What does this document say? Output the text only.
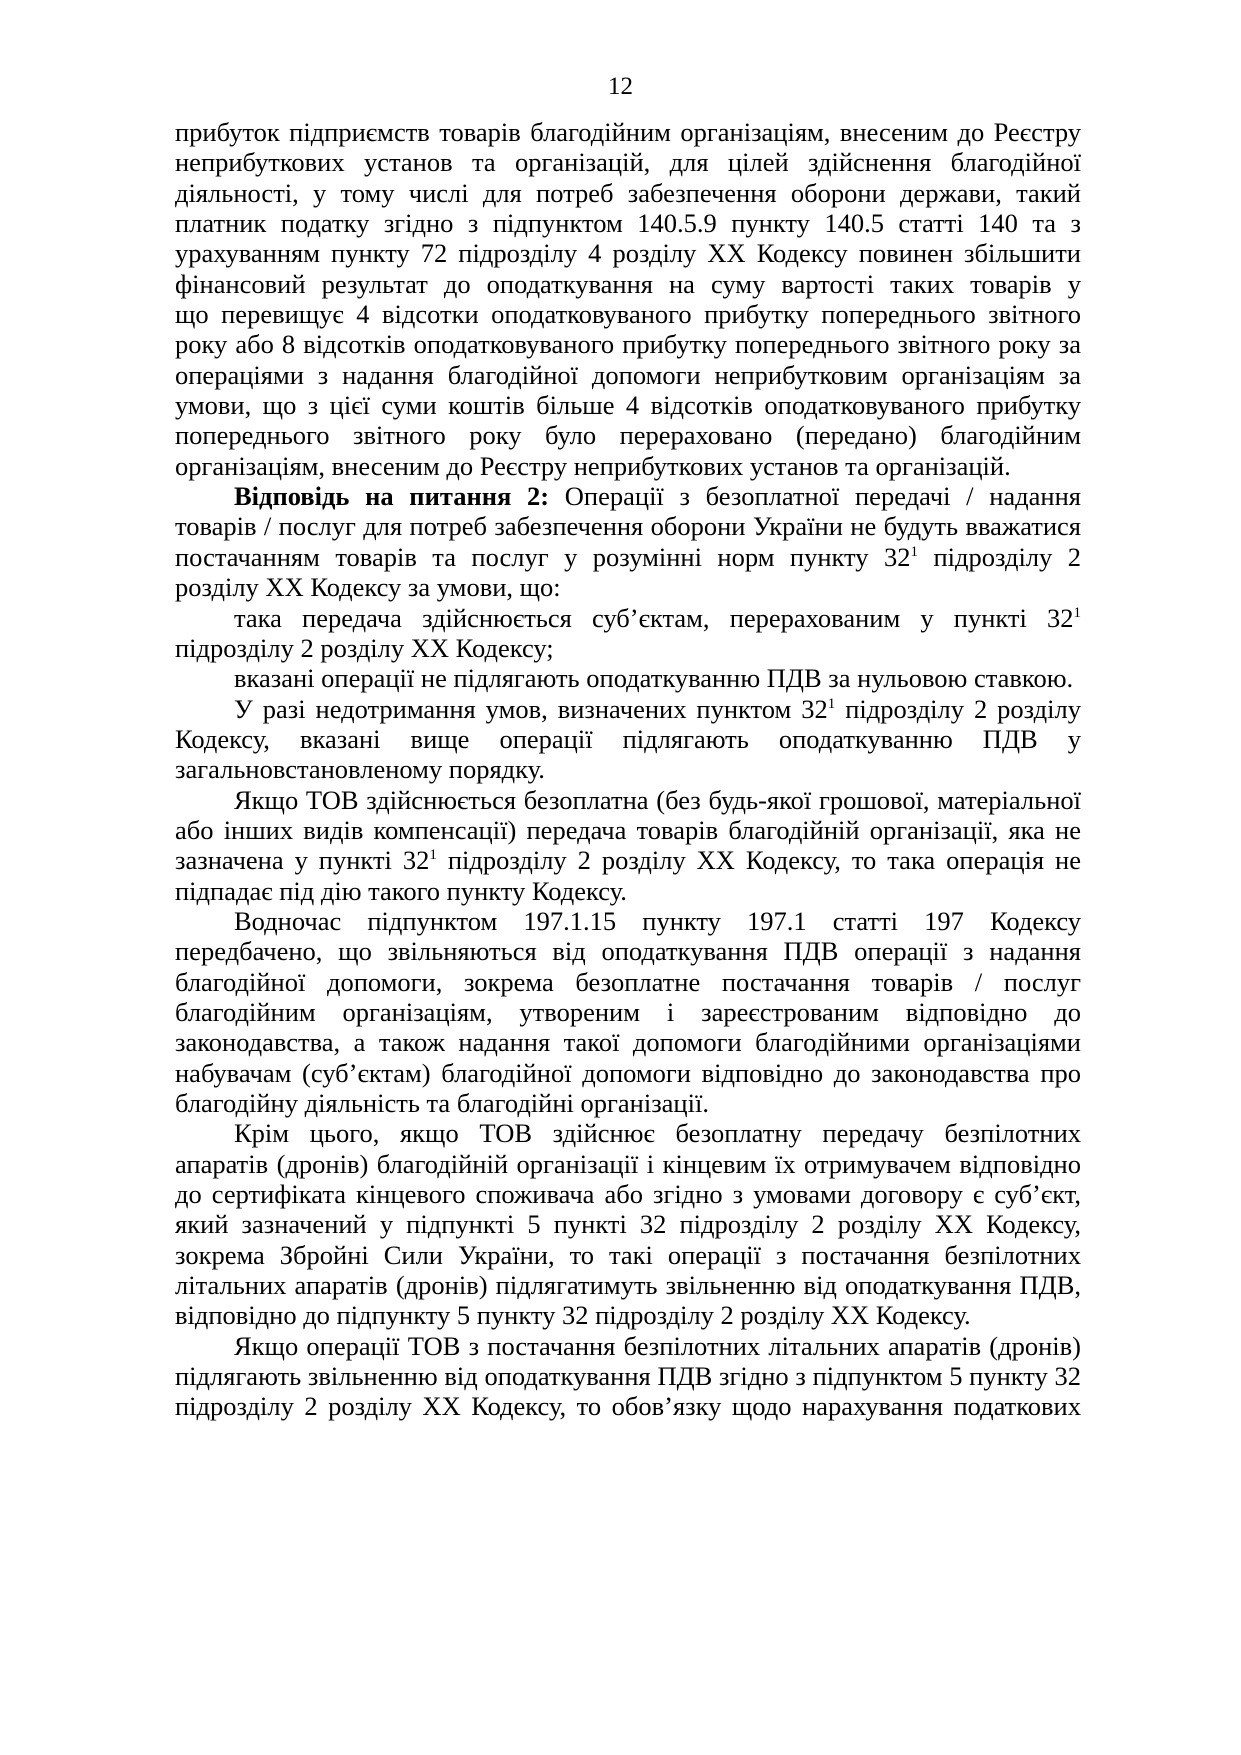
12
прибуток підприємств товарів благодійним організаціям, внесеним до Реєстру
неприбуткових установ та організацій, для цілей здійснення благодійної
діяльності, у тому числі для потреб забезпечення оборони держави, такий
платник податку згідно з підпунктом 140.5.9 пункту 140.5 статті 140 та з
урахуванням пункту 72 підрозділу 4 розділу XX Кодексу повинен збільшити
фінансовий результат до оподаткування на суму вартості таких товарів у
що перевищує 4 відсотки оподатковуваного прибутку попереднього звітного
року або 8 відсотків оподатковуваного прибутку попереднього звітного року за
операціями з надання благодійної допомоги неприбутковим організаціям за
умови, що з цієї суми коштів більше 4 відсотків оподатковуваного прибутку
попереднього звітного року було перераховано (передано) благодійним
організаціям, внесеним до Реєстру неприбуткових установ та організацій.
Відповідь на питання 2: Операції з безоплатної передачі / надання
товарів / послуг для потреб забезпечення оборони України не будуть вважатися
постачанням товарів та послуг у розумінні норм пункту $32^1$ підрозділу 2
розділу XX Кодексу за умови, що:
така передача здійснюється суб’єктам, перерахованим у пункті $32^1$
підрозділу 2 розділу XX Кодексу;
вказані операції не підлягають оподаткуванню ПДВ за нульовою ставкою.
У разі недотримання умов, визначених пунктом $32^1$ підрозділу 2 розділу
Кодексу, вказані вище операції підлягають оподаткуванню ПДВ у
загальновстановленому порядку.
Якщо ТОВ здійснюється безоплатна (без будь-якої грошової, матеріальної
або інших видів компенсації) передача товарів благодійній організації, яка не
зазначена у пункті $32^1$ підрозділу 2 розділу XX Кодексу, то така операція не
підпадає під дію такого пункту Кодексу.
Водночас підпунктом 197.1.15 пункту 197.1 статті 197 Кодексу
передбачено, що звільняються від оподаткування ПДВ операції з надання
благодійної допомоги, зокрема безоплатне постачання товарів / послуг
благодійним організаціям, утвореним і зареєстрованим відповідно до
законодавства, а також надання такої допомоги благодійними організаціями
набувачам (суб’єктам) благодійної допомоги відповідно до законодавства про
благодійну діяльність та благодійні організації.
Крім цього, якщо ТОВ здійснює безоплатну передачу безпілотних
апаратів (дронів) благодійній організації і кінцевим їх отримувачем відповідно
до сертифіката кінцевого споживача або згідно з умовами договору є суб’єкт,
який зазначений у підпункті 5 пункті 32 підрозділу 2 розділу XX Кодексу,
зокрема Збройні Сили України, то такі операції з постачання безпілотних
літальних апаратів (дронів) підлягатимуть звільненню від оподаткування ПДВ,
відповідно до підпункту 5 пункту 32 підрозділу 2 розділу XX Кодексу.
Якщо операції ТОВ з постачання безпілотних літальних апаратів (дронів)
підлягають звільненню від оподаткування ПДВ згідно з підпунктом 5 пункту 32
підрозділу 2 розділу XX Кодексу, то обов’язку щодо нарахування податкових
